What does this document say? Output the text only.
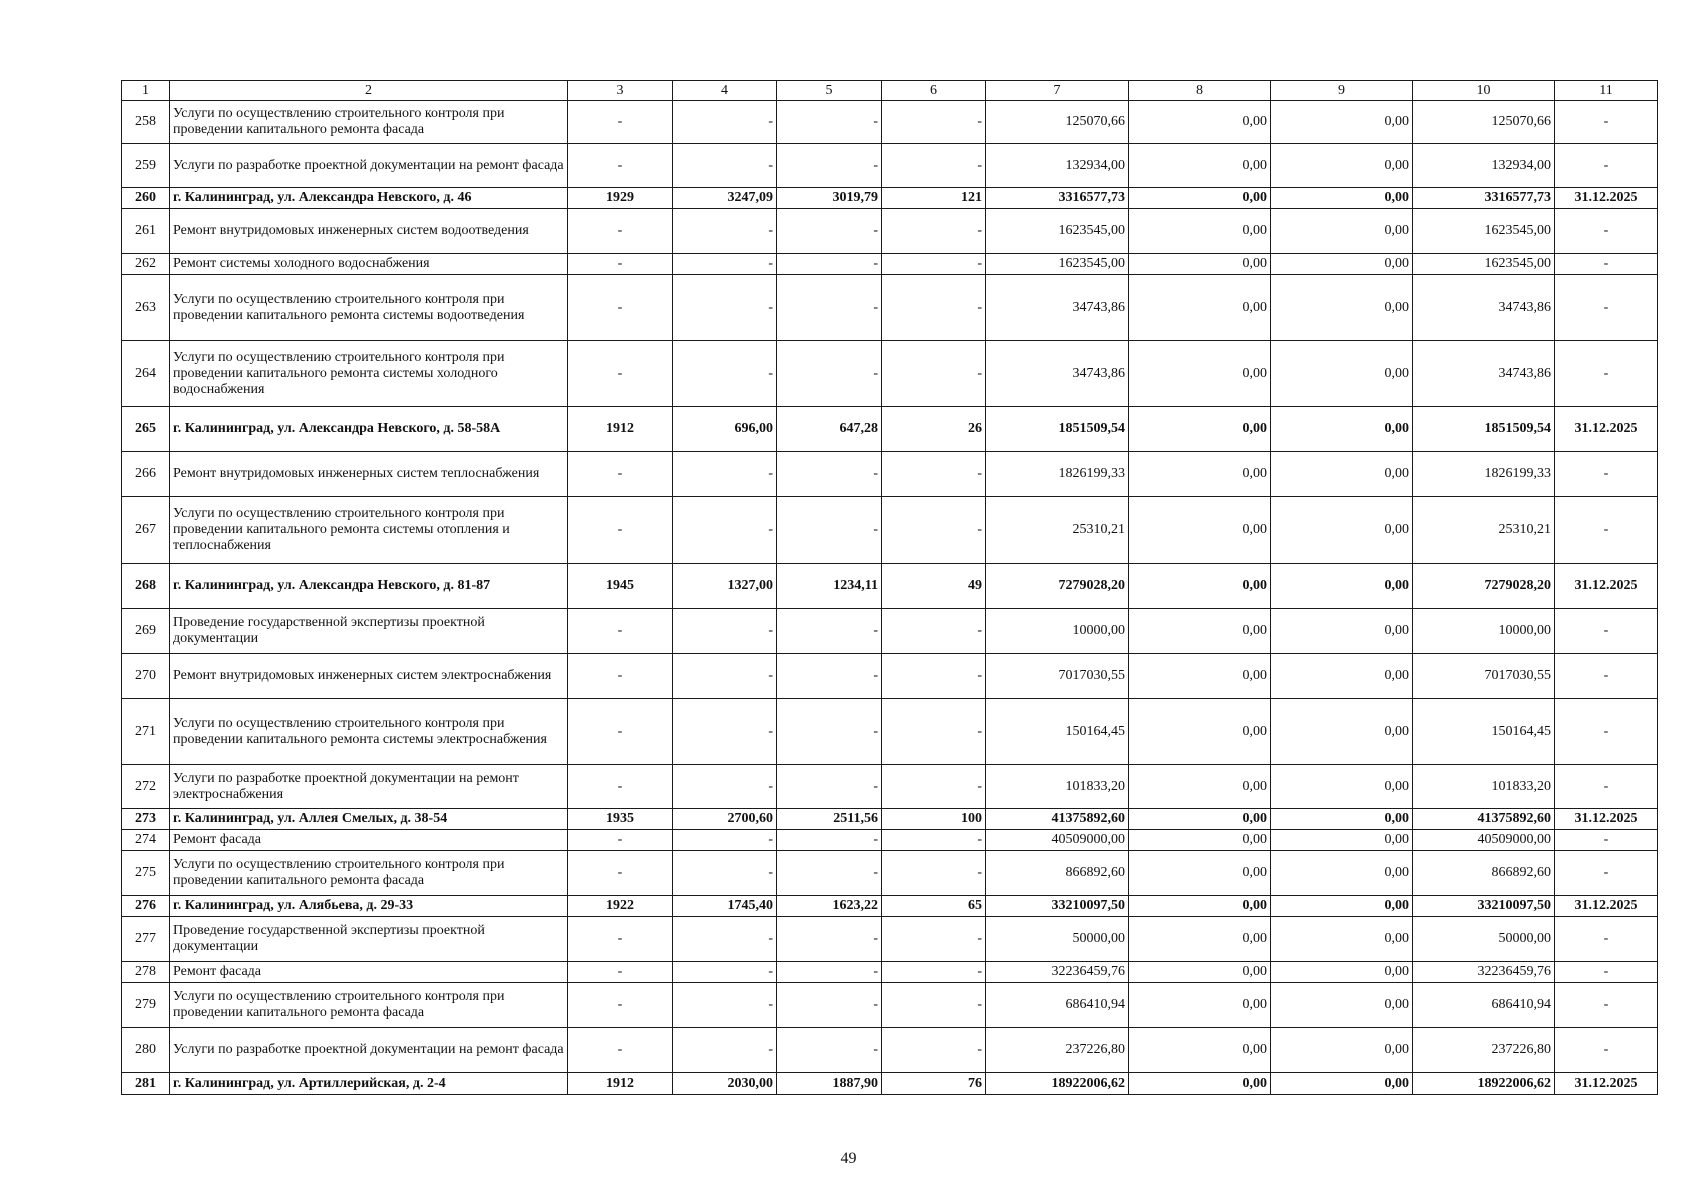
1	2	3	4	5	6	7	8	9	10	11
258	Услуги по осуществлению строительного контроля при проведении капитального ремонта фасада	-	-	-	-	125070,66	0,00	0,00	125070,66	-
259	Услуги по разработке проектной документации на ремонт фасада	-	-	-	-	132934,00	0,00	0,00	132934,00	-
260	г. Калининград, ул. Александра Невского, д. 46	1929	3247,09	3019,79	121	3316577,73	0,00	0,00	3316577,73	31.12.2025
261	Ремонт внутридомовых инженерных систем водоотведения	-	-	-	-	1623545,00	0,00	0,00	1623545,00	-
262	Ремонт системы холодного водоснабжения	-	-	-	-	1623545,00	0,00	0,00	1623545,00	-
263	Услуги по осуществлению строительного контроля при проведении капитального ремонта системы водоотведения	-	-	-	-	34743,86	0,00	0,00	34743,86	-
264	Услуги по осуществлению строительного контроля при проведении капитального ремонта системы холодного водоснабжения	-	-	-	-	34743,86	0,00	0,00	34743,86	-
265	г. Калининград, ул. Александра Невского, д. 58-58А	1912	696,00	647,28	26	1851509,54	0,00	0,00	1851509,54	31.12.2025
266	Ремонт внутридомовых инженерных систем теплоснабжения	-	-	-	-	1826199,33	0,00	0,00	1826199,33	-
267	Услуги по осуществлению строительного контроля при проведении капитального ремонта системы отопления и теплоснабжения	-	-	-	-	25310,21	0,00	0,00	25310,21	-
268	г. Калининград, ул. Александра Невского, д. 81-87	1945	1327,00	1234,11	49	7279028,20	0,00	0,00	7279028,20	31.12.2025
269	Проведение государственной экспертизы проектной документации	-	-	-	-	10000,00	0,00	0,00	10000,00	-
270	Ремонт внутридомовых инженерных систем электроснабжения	-	-	-	-	7017030,55	0,00	0,00	7017030,55	-
271	Услуги по осуществлению строительного контроля при проведении капитального ремонта системы электроснабжения	-	-	-	-	150164,45	0,00	0,00	150164,45	-
272	Услуги по разработке проектной документации на ремонт электроснабжения	-	-	-	-	101833,20	0,00	0,00	101833,20	-
273	г. Калининград, ул. Аллея Смелых, д. 38-54	1935	2700,60	2511,56	100	41375892,60	0,00	0,00	41375892,60	31.12.2025
274	Ремонт фасада	-	-	-	-	40509000,00	0,00	0,00	40509000,00	-
275	Услуги по осуществлению строительного контроля при проведении капитального ремонта фасада	-	-	-	-	866892,60	0,00	0,00	866892,60	-
276	г. Калининград, ул. Алябьева, д. 29-33	1922	1745,40	1623,22	65	33210097,50	0,00	0,00	33210097,50	31.12.2025
277	Проведение государственной экспертизы проектной документации	-	-	-	-	50000,00	0,00	0,00	50000,00	-
278	Ремонт фасада	-	-	-	-	32236459,76	0,00	0,00	32236459,76	-
279	Услуги по осуществлению строительного контроля при проведении капитального ремонта фасада	-	-	-	-	686410,94	0,00	0,00	686410,94	-
280	Услуги по разработке проектной документации на ремонт фасада	-	-	-	-	237226,80	0,00	0,00	237226,80	-
281	г. Калининград, ул. Артиллерийская, д. 2-4	1912	2030,00	1887,90	76	18922006,62	0,00	0,00	18922006,62	31.12.2025
49
